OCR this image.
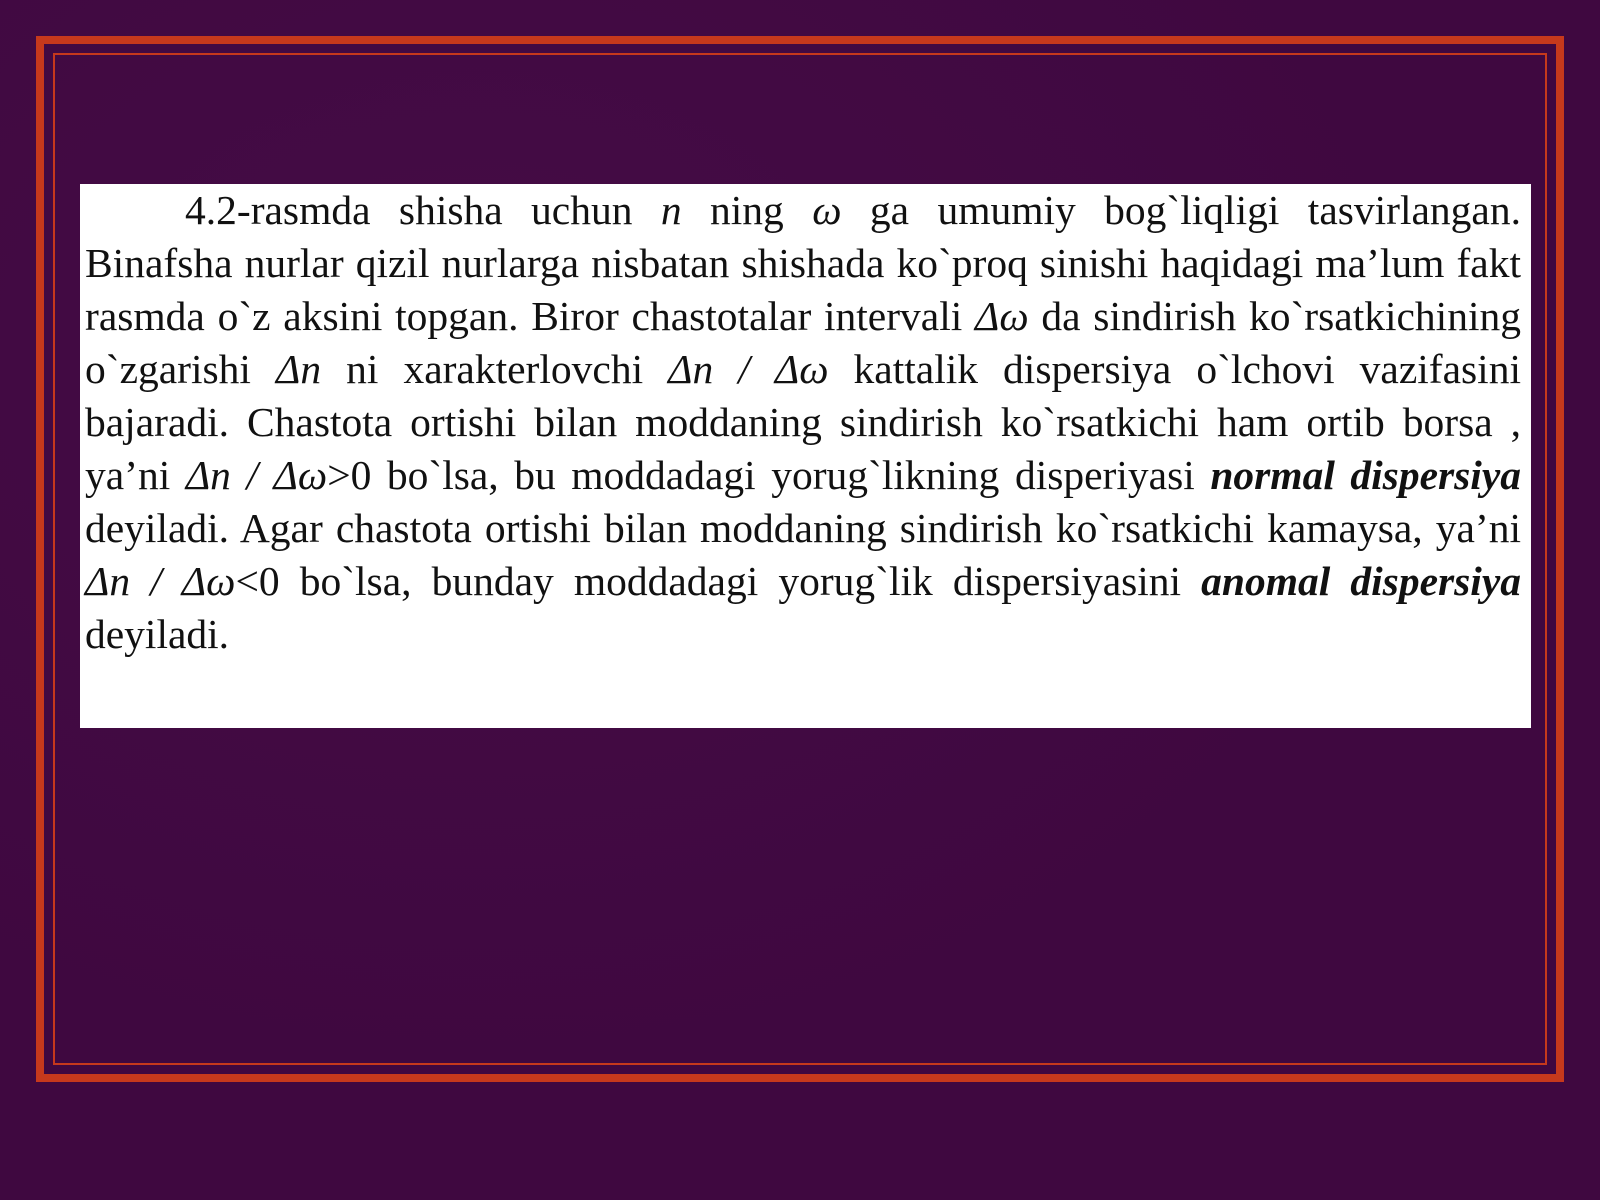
4.2-rasmda shisha uchun n ning ω ga umumiy bog`liqligi tasvirlangan. Binafsha nurlar qizil nurlarga nisbatan shishada ko`proq sinishi haqidagi ma’lum fakt rasmda o`z aksini topgan. Biror chastotalar intervali Δω da sindirish ko`rsatkichining o`zgarishi Δn ni xarakterlovchi Δn / Δω kattalik dispersiya o`lchovi vazifasini bajaradi. Chastota ortishi bilan moddaning sindirish ko`rsatkichi ham ortib borsa , ya’ni Δn / Δω>0 bo`lsa, bu moddadagi yorug`likning disperiyasi normal dispersiya deyiladi. Agar chastota ortishi bilan moddaning sindirish ko`rsatkichi kamaysa, ya’ni Δn / Δω<0 bo`lsa, bunday moddadagi yorug`lik dispersiyasini anomal dispersiya deyiladi.
